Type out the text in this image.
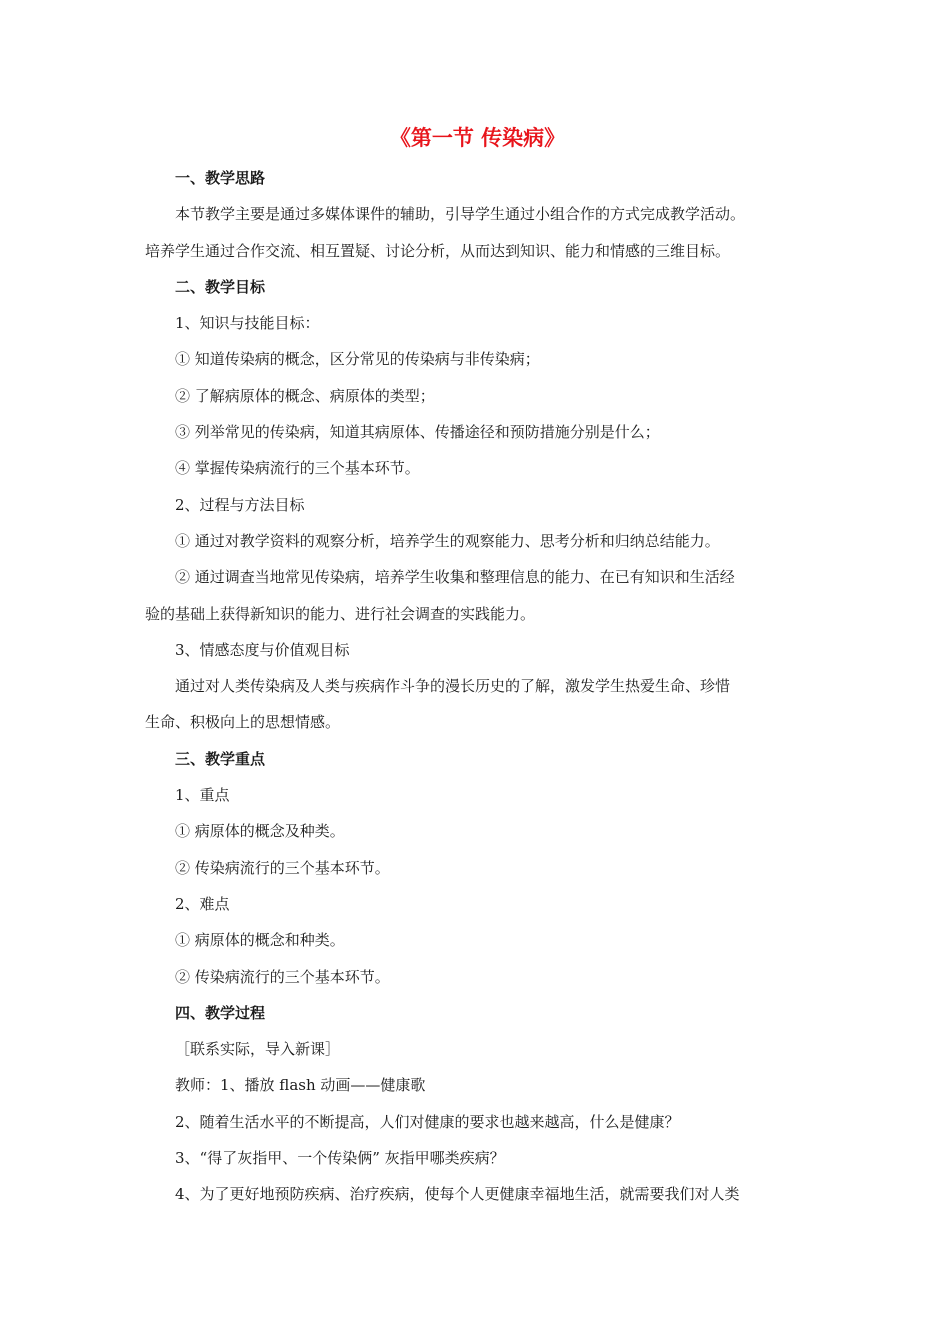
《第一节 传染病》
一、教学思路
本节教学主要是通过多媒体课件的辅助，引导学生通过小组合作的方式完成教学活动。
培养学生通过合作交流、相互置疑、讨论分析，从而达到知识、能力和情感的三维目标。
二、教学目标
1、知识与技能目标：
① 知道传染病的概念，区分常见的传染病与非传染病；
② 了解病原体的概念、病原体的类型；
③ 列举常见的传染病，知道其病原体、传播途径和预防措施分别是什么；
④ 掌握传染病流行的三个基本环节。
2、过程与方法目标
① 通过对教学资料的观察分析，培养学生的观察能力、思考分析和归纳总结能力。
② 通过调查当地常见传染病，培养学生收集和整理信息的能力、在已有知识和生活经
验的基础上获得新知识的能力、进行社会调查的实践能力。
3、情感态度与价值观目标
通过对人类传染病及人类与疾病作斗争的漫长历史的了解，激发学生热爱生命、珍惜
生命、积极向上的思想情感。
三、教学重点
1、重点
① 病原体的概念及种类。
② 传染病流行的三个基本环节。
2、难点
① 病原体的概念和种类。
② 传染病流行的三个基本环节。
四、教学过程
［联系实际，导入新课］
教师：1、播放 flash 动画——健康歌
2、随着生活水平的不断提高，人们对健康的要求也越来越高，什么是健康？
3、“得了灰指甲、一个传染俩” 灰指甲哪类疾病？
4、为了更好地预防疾病、治疗疾病，使每个人更健康幸福地生活，就需要我们对人类
